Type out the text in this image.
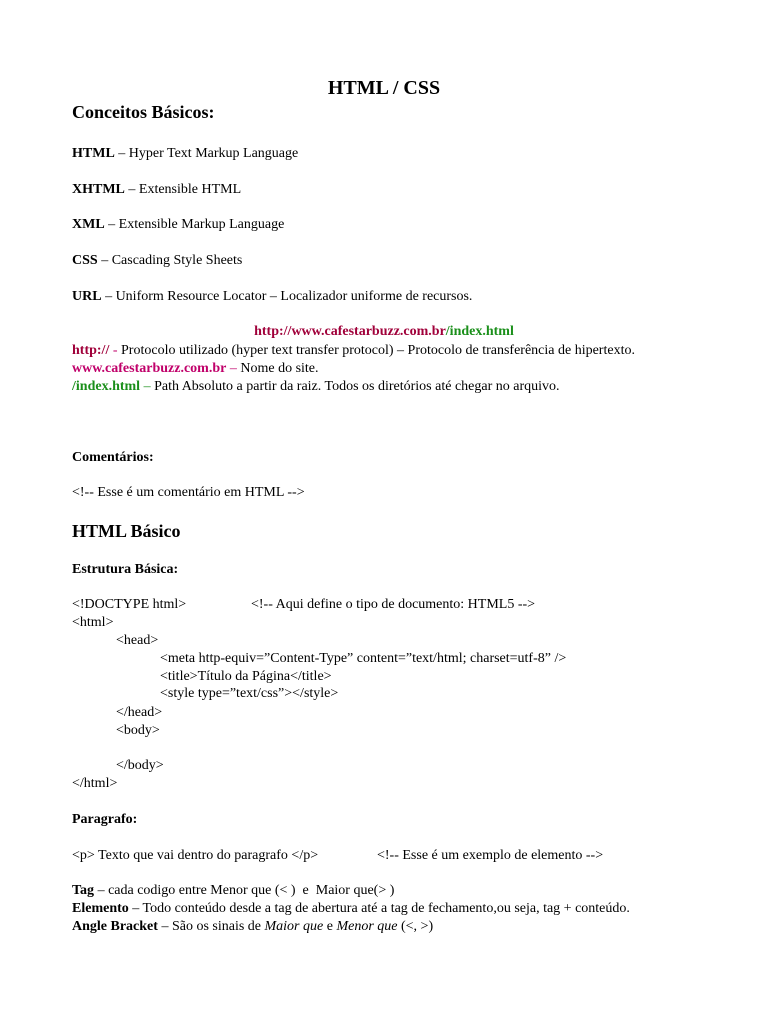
HTML / CSS
Conceitos Básicos:
HTML – Hyper Text Markup Language
XHTML – Extensible HTML
XML – Extensible Markup Language
CSS – Cascading Style Sheets
URL – Uniform Resource Locator – Localizador uniforme de recursos.
http://www.cafestarbuzz.com.br/index.html
http:// - Protocolo utilizado (hyper text transfer protocol) – Protocolo de transferência de hipertexto.
www.cafestarbuzz.com.br – Nome do site.
/index.html – Path Absoluto a partir da raiz. Todos os diretórios até chegar no arquivo.
Comentários:
<!-- Esse é um comentário em HTML -->
HTML Básico
Estrutura Básica:
<!DOCTYPE html>	<!-- Aqui define o tipo de documento: HTML5 -->
<html>
<head>
<meta http-equiv=”Content-Type” content=”text/html; charset=utf-8” />
<title>Título da Página</title>
<style type=”text/css”></style>
</head>
<body>
</body>
</html>
Paragrafo:
<p> Texto que vai dentro do paragrafo </p>	<!-- Esse é um exemplo de elemento -->
Tag – cada codigo entre Menor que (< )  e  Maior que(> )
Elemento – Todo conteúdo desde a tag de abertura até a tag de fechamento,ou seja, tag + conteúdo.
Angle Bracket – São os sinais de Maior que e Menor que (<, >)
